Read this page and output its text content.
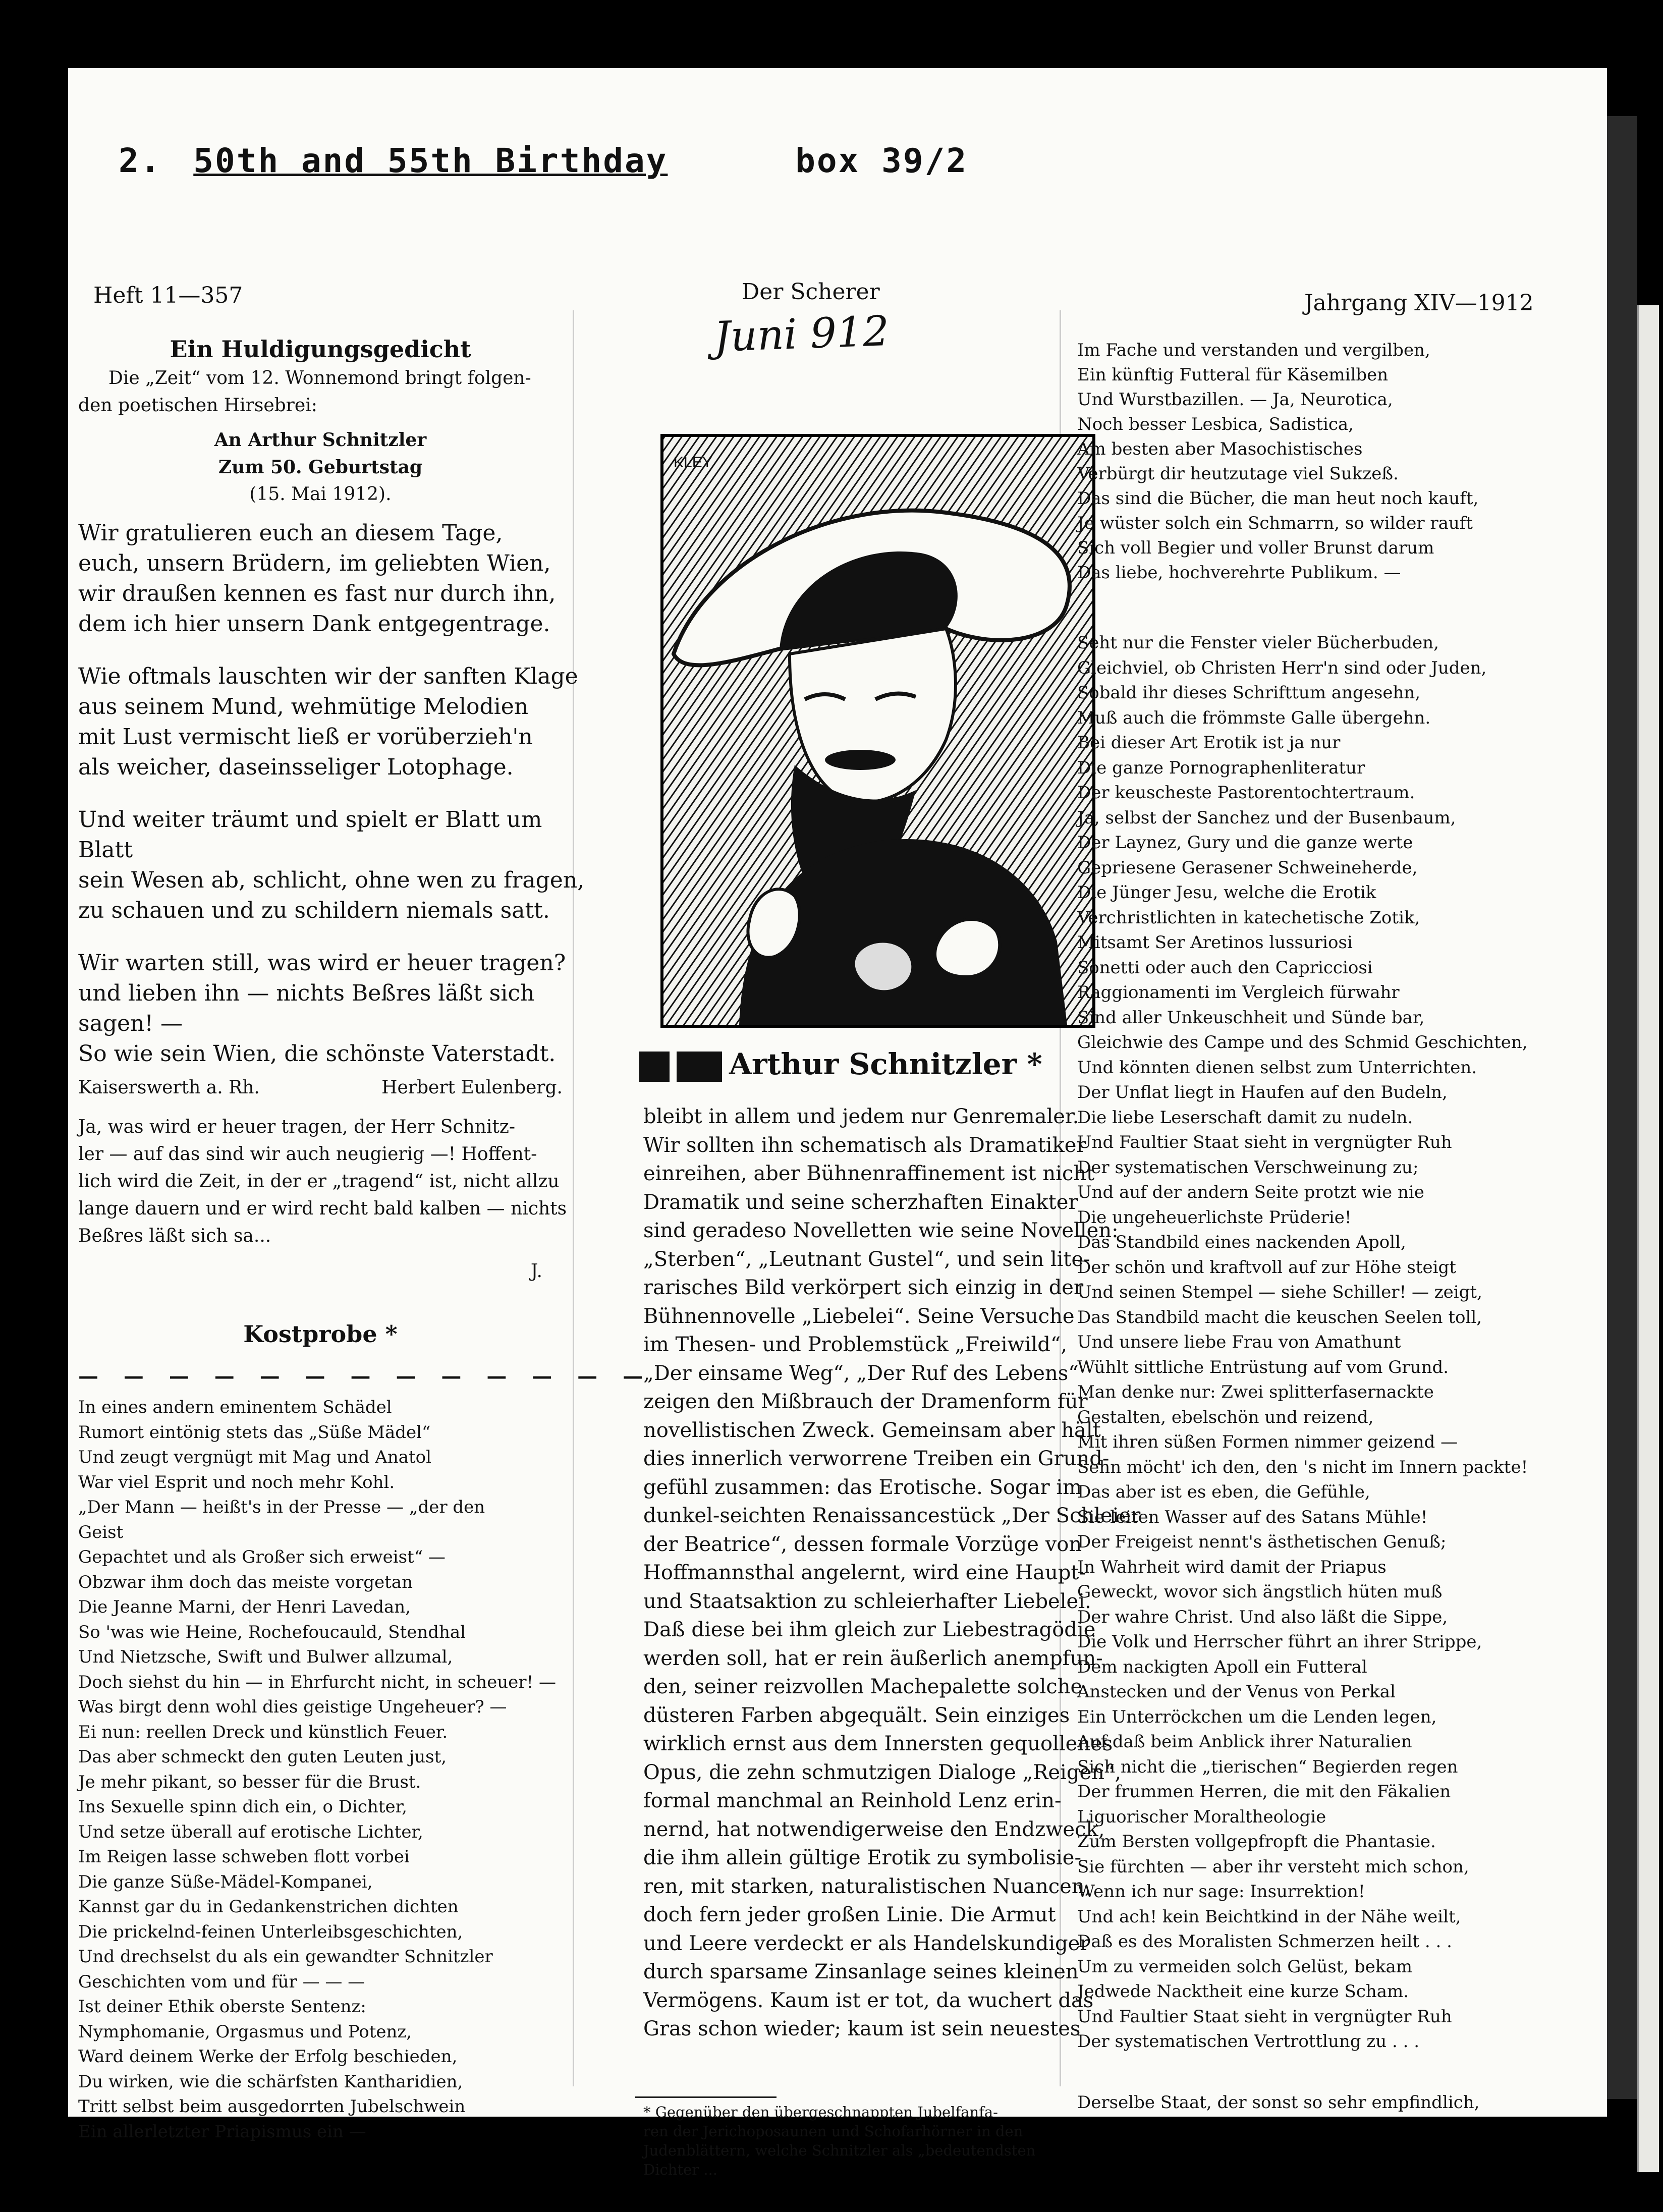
2. 50th and 55th Birthday	box 39/2
Heft 11—357	Der Scherer
Juni 912
Jahrgang XIV—1912
Ein Huldigungsgedicht
Die „Zeit“ vom 12. Wonnemond bringt folgen-
den poetischen Hirsebrei:
An Arthur Schnitzler
Zum 50. Geburtstag
(15. Mai 1912).
Wir gratulieren euch an diesem Tage,
euch, unsern Brüdern, im geliebten Wien,
wir draußen kennen es fast nur durch ihn,
dem ich hier unsern Dank entgegentrage.
Wie oftmals lauschten wir der sanften Klage
aus seinem Mund, wehmütige Melodien
mit Lust vermischt ließ er vorüberzieh'n
als weicher, daseinsseliger Lotophage.
Und weiter träumt und spielt er Blatt um
Blatt
sein Wesen ab, schlicht, ohne wen zu fragen,
zu schauen und zu schildern niemals satt.
Wir warten still, was wird er heuer tragen?
und lieben ihn — nichts Beßres läßt sich
sagen! —
So wie sein Wien, die schönste Vaterstadt.
Kaiserswerth a. Rh.	Herbert Eulenberg.
Ja, was wird er heuer tragen, der Herr Schnitz-
ler — auf das sind wir auch neugierig —! Hoffent-
lich wird die Zeit, in der er „tragend“ ist, nicht allzu
lange dauern und er wird recht bald kalben — nichts
Beßres läßt sich sa...
J.
Kostprobe *
— — — — — — — — — — — — —
In eines andern eminentem Schädel
Rumort eintönig stets das „Süße Mädel“
Und zeugt vergnügt mit Mag und Anatol
War viel Esprit und noch mehr Kohl.
„Der Mann — heißt's in der Presse — „der den
Geist
Gepachtet und als Großer sich erweist“ —
Obzwar ihm doch das meiste vorgetan
Die Jeanne Marni, der Henri Lavedan,
So 'was wie Heine, Rochefoucauld, Stendhal
Und Nietzsche, Swift und Bulwer allzumal,
Doch siehst du hin — in Ehrfurcht nicht, in scheuer! —
Was birgt denn wohl dies geistige Ungeheuer? —
Ei nun: reellen Dreck und künstlich Feuer.
Das aber schmeckt den guten Leuten just,
Je mehr pikant, so besser für die Brust.
Ins Sexuelle spinn dich ein, o Dichter,
Und setze überall auf erotische Lichter,
Im Reigen lasse schweben flott vorbei
Die ganze Süße-Mädel-Kompanei,
Kannst gar du in Gedankenstrichen dichten
Die prickelnd-feinen Unterleibsgeschichten,
Und drechselst du als ein gewandter Schnitzler
Geschichten vom und für — — —
Ist deiner Ethik oberste Sentenz:
Nymphomanie, Orgasmus und Potenz,
Ward deinem Werke der Erfolg beschieden,
Du wirken, wie die schärfsten Kantharidien,
Tritt selbst beim ausgedorrten Jubelschwein
Ein allerletzter Priapismus ein —
KLEY
Arthur Schnitzler *
bleibt in allem und jedem nur Genremaler.
Wir sollten ihn schematisch als Dramatiker
einreihen, aber Bühnenraffinement ist nicht
Dramatik und seine scherzhaften Einakter
sind geradeso Novelletten wie seine Novellen:
„Sterben“, „Leutnant Gustel“, und sein lite-
rarisches Bild verkörpert sich einzig in der
Bühnennovelle „Liebelei“. Seine Versuche
im Thesen- und Problemstück „Freiwild“,
„Der einsame Weg“, „Der Ruf des Lebens“
zeigen den Mißbrauch der Dramenform für
novellistischen Zweck. Gemeinsam aber hält
dies innerlich verworrene Treiben ein Grund-
gefühl zusammen: das Erotische. Sogar im
dunkel-seichten Renaissancestück „Der Schleier
der Beatrice“, dessen formale Vorzüge von
Hoffmannsthal angelernt, wird eine Haupt-
und Staatsaktion zu schleierhafter Liebelei.
Daß diese bei ihm gleich zur Liebestragödie
werden soll, hat er rein äußerlich anempfun-
den, seiner reizvollen Machepalette solche
düsteren Farben abgequält. Sein einziges
wirklich ernst aus dem Innersten gequollenes
Opus, die zehn schmutzigen Dialoge „Reigen“,
formal manchmal an Reinhold Lenz erin-
nernd, hat notwendigerweise den Endzweck,
die ihm allein gültige Erotik zu symbolisie-
ren, mit starken, naturalistischen Nuancen,
doch fern jeder großen Linie. Die Armut
und Leere verdeckt er als Handelskundiger
durch sparsame Zinsanlage seines kleinen
Vermögens. Kaum ist er tot, da wuchert das
Gras schon wieder; kaum ist sein neuestes
* Gegenüber den übergeschnappten Jubelfanfa-
ren der Jerichoposaunen und Schofarhörner in den
Judenblättern, welche Schnitzler als „bedeutendsten
Dichter ...
Im Fache und verstanden und vergilben,
Ein künftig Futteral für Käsemilben
Und Wurstbazillen. — Ja, Neurotica,
Noch besser Lesbica, Sadistica,
Am besten aber Masochistisches
Verbürgt dir heutzutage viel Sukzeß.
Das sind die Bücher, die man heut noch kauft,
Je wüster solch ein Schmarrn, so wilder rauft
Sich voll Begier und voller Brunst darum
Das liebe, hochverehrte Publikum. —
Seht nur die Fenster vieler Bücherbuden,
Gleichviel, ob Christen Herr'n sind oder Juden,
Sobald ihr dieses Schrifttum angesehn,
Muß auch die frömmste Galle übergehn.
Bei dieser Art Erotik ist ja nur
Die ganze Pornographenliteratur
Der keuscheste Pastorentochtertraum.
Ja, selbst der Sanchez und der Busenbaum,
Der Laynez, Gury und die ganze werte
Gepriesene Gerasener Schweineherde,
Die Jünger Jesu, welche die Erotik
Verchristlichten in katechetische Zotik,
Mitsamt Ser Aretinos lussuriosi
Sonetti oder auch den Capricciosi
Raggionamenti im Vergleich fürwahr
Sind aller Unkeuschheit und Sünde bar,
Gleichwie des Campe und des Schmid Geschichten,
Und könnten dienen selbst zum Unterrichten.
Der Unflat liegt in Haufen auf den Budeln,
Die liebe Leserschaft damit zu nudeln.
Und Faultier Staat sieht in vergnügter Ruh
Der systematischen Verschweinung zu;
Und auf der andern Seite protzt wie nie
Die ungeheuerlichste Prüderie!
Das Standbild eines nackenden Apoll,
Der schön und kraftvoll auf zur Höhe steigt
Und seinen Stempel — siehe Schiller! — zeigt,
Das Standbild macht die keuschen Seelen toll,
Und unsere liebe Frau von Amathunt
Wühlt sittliche Entrüstung auf vom Grund.
Man denke nur: Zwei splitterfasernackte
Gestalten, ebelschön und reizend,
Mit ihren süßen Formen nimmer geizend —
Sehn möcht' ich den, den 's nicht im Innern packte!
Das aber ist es eben, die Gefühle,
Sie leiten Wasser auf des Satans Mühle!
Der Freigeist nennt's ästhetischen Genuß;
In Wahrheit wird damit der Priapus
Geweckt, wovor sich ängstlich hüten muß
Der wahre Christ. Und also läßt die Sippe,
Die Volk und Herrscher führt an ihrer Strippe,
Dem nackigten Apoll ein Futteral
Anstecken und der Venus von Perkal
Ein Unterröckchen um die Lenden legen,
Auf daß beim Anblick ihrer Naturalien
Sich nicht die „tierischen“ Begierden regen
Der frummen Herren, die mit den Fäkalien
Liguorischer Moraltheologie
Zum Bersten vollgepfropft die Phantasie.
Sie fürchten — aber ihr versteht mich schon,
Wenn ich nur sage: Insurrektion!
Und ach! kein Beichtkind in der Nähe weilt,
Daß es des Moralisten Schmerzen heilt . . .
Um zu vermeiden solch Gelüst, bekam
Jedwede Nacktheit eine kurze Scham.
Und Faultier Staat sieht in vergnügter Ruh
Der systematischen Vertrottlung zu . . .
Derselbe Staat, der sonst so sehr empfindlich,
